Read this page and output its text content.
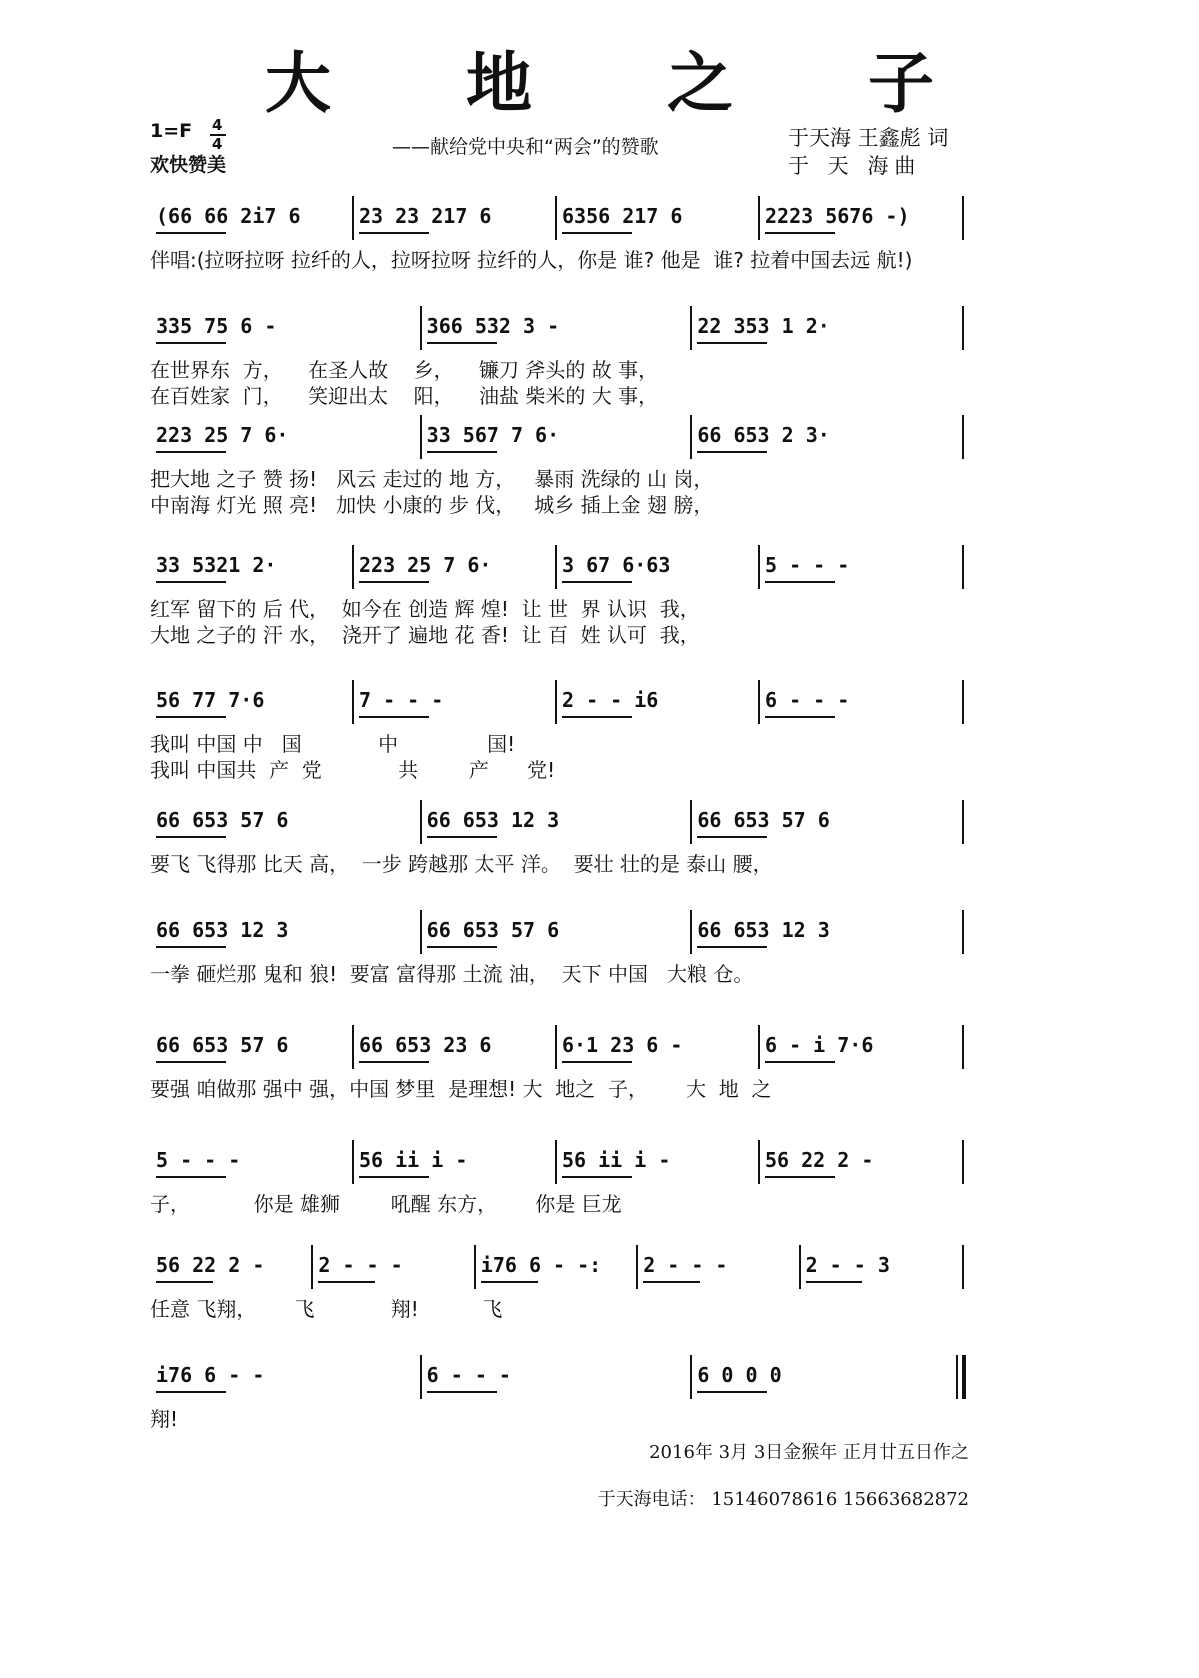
大 地 之 子
1=F 4
4
欢快赞美
——献给党中央和“两会”的赞歌	于天海 王鑫彪 词
于 天 海曲
(66 66 2i7 6	23 23 217 6	6356 217 6	2223 5676 -)
伴唱:(拉呀拉呀 拉纤的人，拉呀拉呀 拉纤的人，你是 谁? 他是  谁? 拉着中国去远 航!)
335 75 6 -	366 532 3 -	22 353 1 2·
在世界东  方，    在圣人故    乡，    镰刀 斧头的 故 事，
在百姓家  门，    笑迎出太    阳，    油盐 柴米的 大 事，
223 25 7 6·	33 567 7 6·	66 653 2 3·
把大地 之子 赞 扬!   风云 走过的 地 方，   暴雨 洗绿的 山 岗，
中南海 灯光 照 亮!   加快 小康的 步 伐，   城乡 插上金 翅 膀，
33 5321 2·	223 25 7 6·	3 67 6·63	5 - - -
红军 留下的 后 代，  如今在 创造 辉 煌!  让 世  界 认识  我，
大地 之子的 汗 水，  浇开了 遍地 花 香!  让 百  姓 认可  我，
56 77 7·6	7 - - -	2 - - i6	6 - - -
我叫 中国 中   国            中              国!
我叫 中国共  产  党            共        产      党!
66 653 57 6	66 653 12 3	66 653 57 6
要飞 飞得那 比天 高，  一步 跨越那 太平 洋。  要壮 壮的是 泰山 腰，
66 653 12 3	66 653 57 6	66 653 12 3
一拳 砸烂那 鬼和 狼!  要富 富得那 土流 油，  天下 中国   大粮 仓。
66 653 57 6	66 653 23 6	6·1 23 6 -	6 - i 7·6
要强 咱做那 强中 强，中国 梦里  是理想! 大  地之  子，      大  地  之
5 - - -	56 ii i -	56 ii i -	56 22 2 -
子，          你是 雄狮        吼醒 东方，      你是 巨龙
56 22 2 -	2 - - -	i76 6 - -:	2 - - -	2 - - 3
任意 飞翔，      飞            翔!          飞
i76 6 - -	6 - - -	6 0 0 0
翔!
2016年 3月 3日金猴年 正月廿五日作之
于天海电话： 15146078616 15663682872
